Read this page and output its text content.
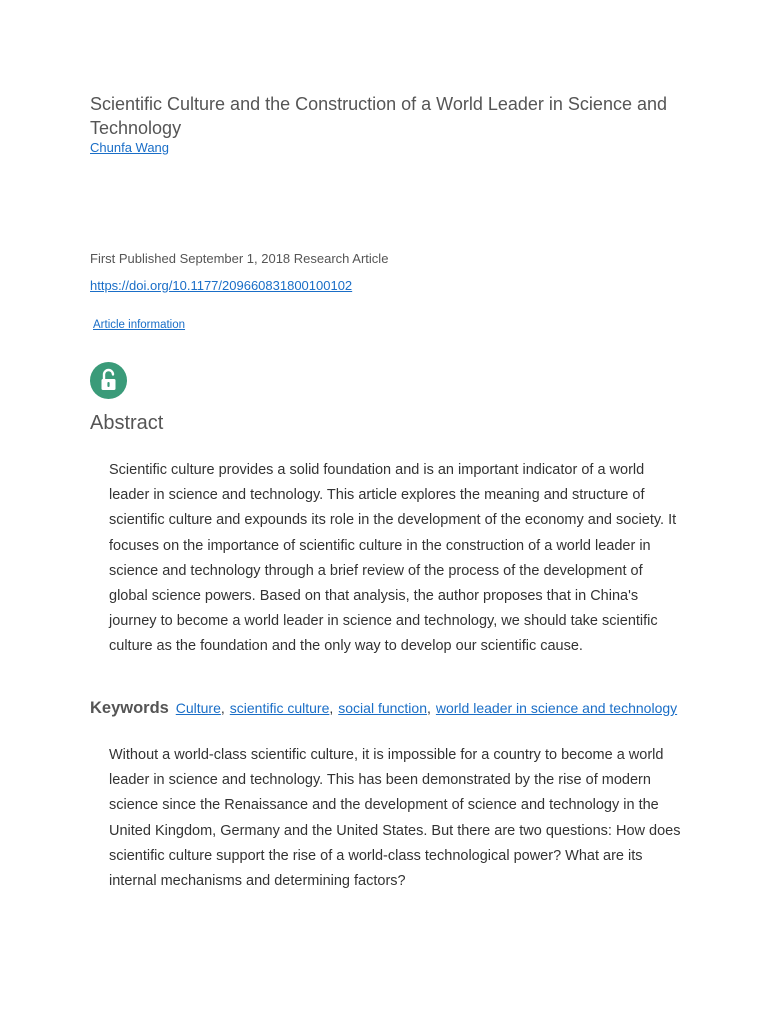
Scientific Culture and the Construction of a World Leader in Science and Technology
Chunfa Wang
First Published September 1, 2018 Research Article
https://doi.org/10.1177/2096608318001001​02
Article information
Abstract

Scientific culture provides a solid foundation and is an important indicator of a world leader in science and technology. This article explores the meaning and structure of scientific culture and expounds its role in the development of the economy and society. It focuses on the importance of scientific culture in the construction of a world leader in science and technology through a brief review of the process of the development of global science powers. Based on that analysis, the author proposes that in China's journey to become a world leader in science and technology, we should take scientific culture as the foundation and the only way to develop our scientific cause.

Keywords Culture, scientific culture, social function, world leader in science and technology

Without a world-class scientific culture, it is impossible for a country to become a world leader in science and technology. This has been demonstrated by the rise of modern science since the Renaissance and the development of science and technology in the United Kingdom, Germany and the United States. But there are two questions: How does scientific culture support the rise of a world-class technological power? What are its internal mechanisms and determining factors?
